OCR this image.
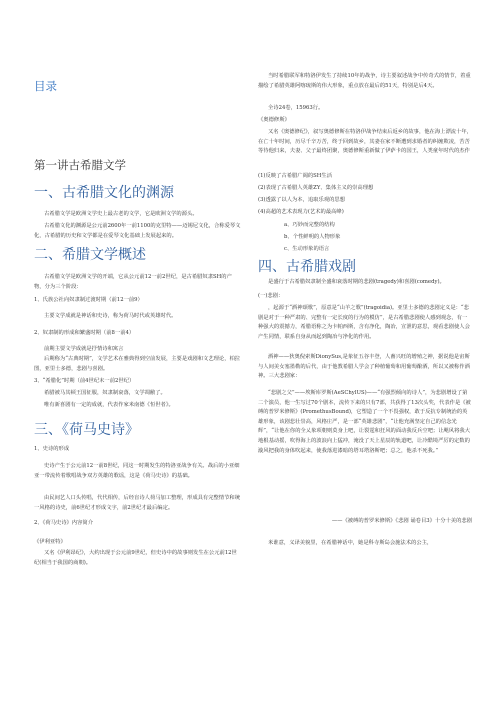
目录
第一讲古希腊文学
一、古希腊文化的渊源
古希腊文学是欧洲文学史上最古老的文学，它是欧洲文学的源头。
古希腊文化的渊源是公元前2600年一前1100的克里特——迈锡尼文化，合称爱琴文化，古希腊的历史和文学都是在爱琴文化基础上发展起来的。
二、希腊文学概述
古希腊文学是欧洲文学的开端，它从公元前12一前2世纪，是古希腊奴隶SH的产物，分为三个阶段：
1、氏族公社向奴隶制过渡时期（前12一前9）
主要文学成就是神话和史诗，称为荷马时代或英雄时代。
2、奴隶制的形成和繁盛时期（前8一前4）
前期主要文学成就是抒情诗和寓言
后期称为“古典时期”，文学艺术在雅典得到空前发展，主要是戏剧和文艺理论，柏拉图，亚里士多德，悲剧与喜剧。
3、“希腊化”时期（前4世纪末一前2世纪）
希腊被马其顿王国征服，奴隶制衰落，文学凋敝了。
唯有新喜剧有一定的成就，代表作家米南德《恒世者》。
三、《荷马史诗》
1、史诗的形成
史诗产生于公元前12一前8世纪，同这一时期发生的特洛亚战争有关。战后的小亚细亚一带流传着歌唱战争双方英雄的歌谣，这是《荷马史诗》的基础。
由民间艺人口头传唱，代代相传，后经盲诗人荷马加工整理，形成具有完整情节和统一风格的诗史，前6世纪才形成文字，前2世纪才最后编定。
2、《荷马史诗》内容简介
《伊利亚特》
又名《伊利昂纪》，大约出现于公元前9世纪，但史诗中的故事则发生在公元前12世纪(相当于我国的商朝)。
当时希腊联军和特洛伊发生了持续10年的战争，诗主要叙述战争中传奇式的情节，着重描绘了希腊英雄阿喀琉斯的伟大形象，重点放在最后的51天，特别是后4天。
全诗24卷，15963行。
《奥德修斯》
又名《奥德修纪》，叙写奥德修斯在特洛伊战争结束后返乡的故事，他在海上漂流十年，在亡十年时间，历尽千辛万苦，终于回到故乡，其妻在家不断遭到求婚者的纠缠欺凌，苦苦等待他归来，夫妻、父子最终团聚，奥德修斯重新做了伊萨卡的国王，人类童年时代的杰作
(1)反映了古希腊广阔的SH生活
(2)表现了古希腊人英雄ZY、集体主义的崇高理想
(3)透露了以人为本，追取乐观的思想
(4)高超的艺术表现力(艺术的最高峰)
a、巧妙而完整的结构
b、个性鲜明的人物形象
c、生动形象的语言
四、古希腊戏剧
是盛行于古希腊奴隶制全盛和衰落时期的悲剧(tragedy)和喜剧(comedy)。
(一)悲剧：
，起源于“酒神颂歌”，原意是“山羊之歌”(tragoidia)。亚里士多德的悲剧定义是：“悲剧是对于一种严肃的、完整有一定长度的行为的模仿”，是古希腊悲剧使人感到观念，有一种强大的震撼力，希腊语称之为卡帕西斯，含有净化，陶冶，宣泄的意思，观看悲剧使人会产生同情，联系自身从而起到陶冶与净化的作用。
酒神——狄奥倪索斯DionySus,是象征五谷丰登，人畜兴旺的增殖之神，据说他是宙斯与人间美女塞墨勒的后代，由于他教希腊人学会了种植葡萄和用葡萄酿酒，所以又被称作酒神。三大悲剧家：
“悲剧之父”——埃斯库罗斯(AeSChylUS)——“有强烈倾向的诗人”，为悲剧增设了第二个演员，他一生写过70个剧本，流传下来的只有7部，共获得了13次头奖，代表作是《被缚的普罗米修斯》(PromethusBound)，它塑造了一个不畏强权，敢于反抗专制统治的英雄形象，该剧悲壮崇高，风格庄严，是一部“英雄悲剧”，“让他充满坚定自己的信念光辉”，“让他在你的全乂象项朝则莫身上吧，让裂霆和狂风的面动我反兵空吧；让飓风将我大地根基动摇，吹得海上的波浪向上猛冲，淹没了天上星辰的轨道吧，让冷酷境严厉的定数的漩风把我的身体吹起来，使我落进漆暗的塔耳塔洛斯吧；总之，他杀不死我。”
——《被缚的普罗米修斯》《悲剧 诵卷目3》十分十美的悲剧
米谁意，义译美貌里，在希腊神话中，她是科寺斯岛会施法术的公主，
